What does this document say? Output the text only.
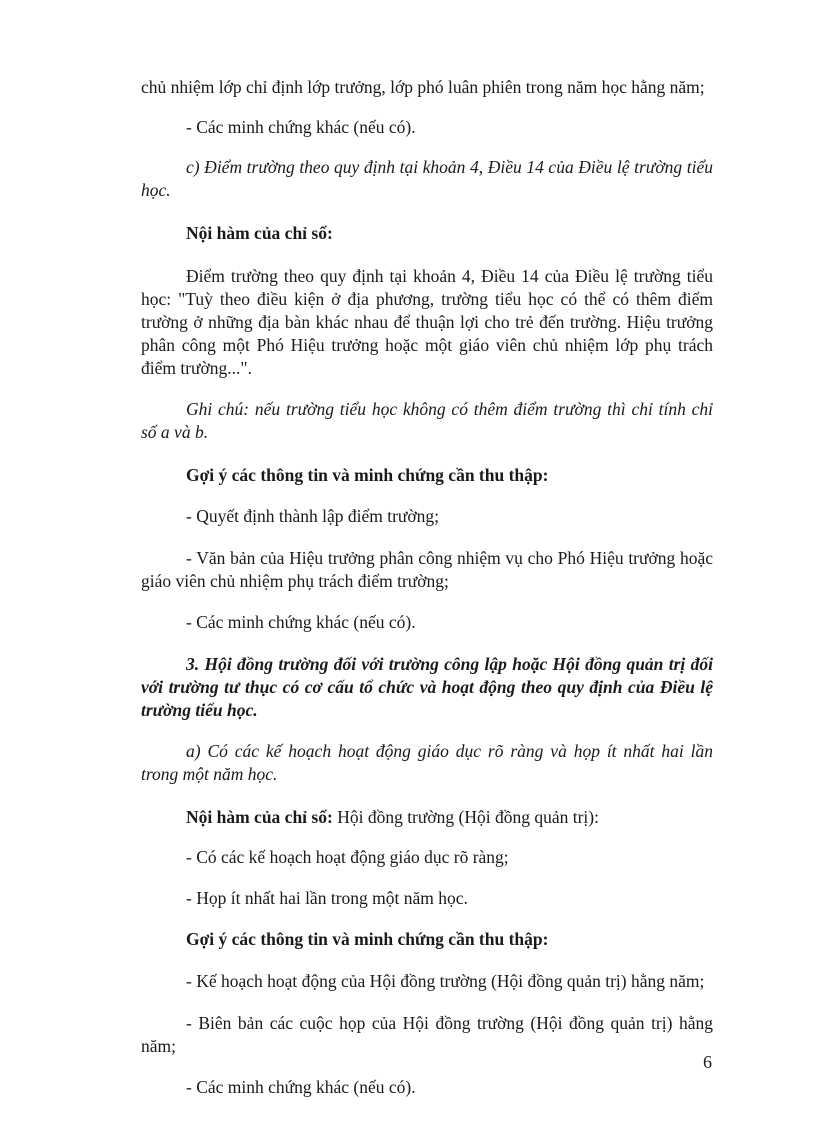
chủ nhiệm lớp chỉ định lớp trưởng, lớp phó luân phiên trong năm học hằng năm;

- Các minh chứng khác (nếu có).

c) Điểm trường theo quy định tại khoản 4, Điều 14 của Điều lệ trường tiểu học.

Nội hàm của chỉ số:

Điểm trường theo quy định tại khoản 4, Điều 14 của Điều lệ trường tiểu học: "Tuỳ theo điều kiện ở địa phương, trường tiểu học có thể có thêm điểm trường ở những địa bàn khác nhau để thuận lợi cho trẻ đến trường. Hiệu trưởng phân công một Phó Hiệu trưởng hoặc một giáo viên chủ nhiệm lớp phụ trách điểm trường...".

Ghi chú: nếu trường tiểu học không có thêm điểm trường thì chỉ tính chỉ số a và b.

Gợi ý các thông tin và minh chứng cần thu thập:

- Quyết định thành lập điểm trường;

- Văn bản của Hiệu trưởng phân công nhiệm vụ cho Phó Hiệu trưởng hoặc giáo viên chủ nhiệm phụ trách điểm trường;

- Các minh chứng khác (nếu có).

3. Hội đồng trường đối với trường công lập hoặc Hội đồng quản trị đối với trường tư thục có cơ cấu tổ chức và hoạt động theo quy định của Điều lệ trường tiểu học.

a) Có các kế hoạch hoạt động giáo dục rõ ràng và họp ít nhất hai lần trong một năm học.

Nội hàm của chỉ số: Hội đồng trường (Hội đồng quản trị):

- Có các kế hoạch hoạt động giáo dục rõ ràng;

- Họp ít nhất hai lần trong một năm học.

Gợi ý các thông tin và minh chứng cần thu thập:

- Kế hoạch hoạt động của Hội đồng trường (Hội đồng quản trị) hằng năm;

- Biên bản các cuộc họp của Hội đồng trường (Hội đồng quản trị) hằng năm;

- Các minh chứng khác (nếu có).

6
